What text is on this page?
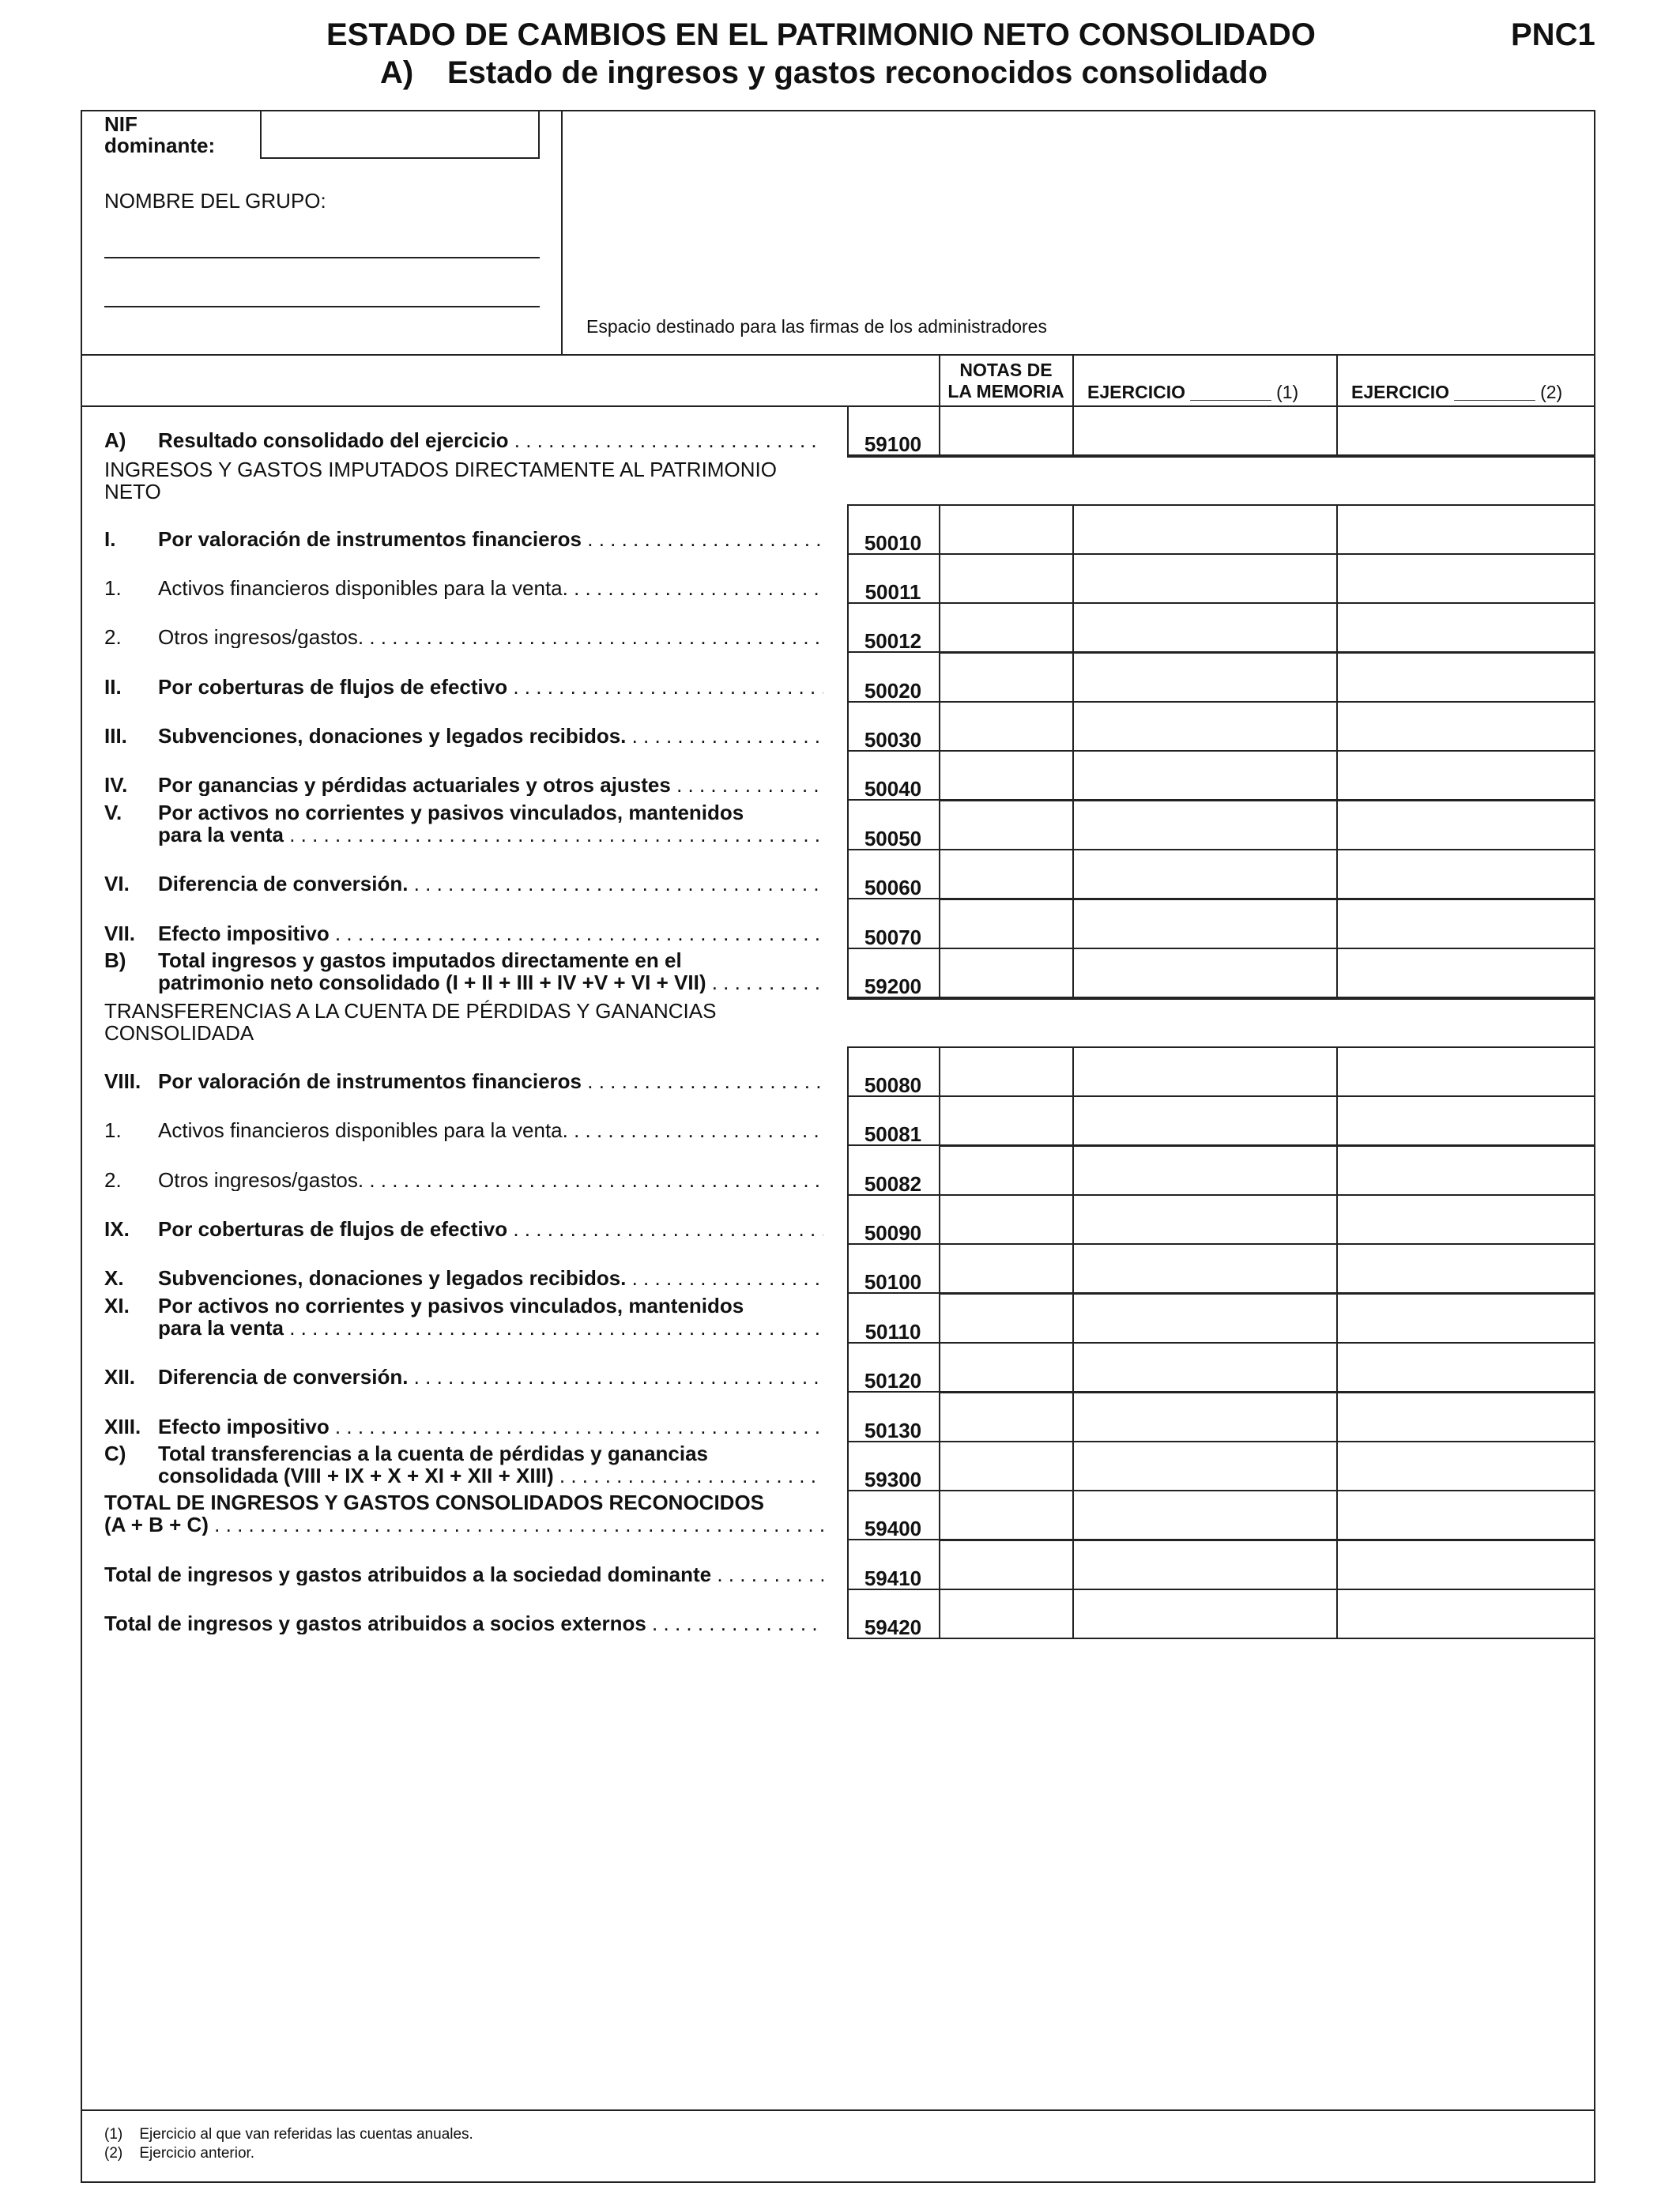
ESTADO DE CAMBIOS EN EL PATRIMONIO NETO CONSOLIDADO	PNC1
A) Estado de ingresos y gastos reconocidos consolidado
NIF
dominante:
NOMBRE DEL GRUPO:
Espacio destinado para las firmas de los administradores
NOTAS DE
LA MEMORIA	EJERCICIO ________ (1)	EJERCICIO ________ (2)
INGRESOS Y GASTOS IMPUTADOS DIRECTAMENTE AL PATRIMONIO
NETO
TRANSFERENCIAS A LA CUENTA DE PÉRDIDAS Y GANANCIAS
CONSOLIDADA
A) Resultado consolidado del ejercicio . . .	59100
I. Por valoración de instrumentos financieros . . .	50010
1. Activos financieros disponibles para la venta. . . .	50011
2. Otros ingresos/gastos. . . .	50012
II. Por coberturas de flujos de efectivo . . .	50020
III. Subvenciones, donaciones y legados recibidos. . . .	50030
IV. Por ganancias y pérdidas actuariales y otros ajustes . . .	50040
V. Por activos no corrientes y pasivos vinculados, mantenidos
para la venta . . .	50050
VI. Diferencia de conversión. . . .	50060
VII. Efecto impositivo . . .	50070
B) Total ingresos y gastos imputados directamente en el
patrimonio neto consolidado (I + II + III + IV +V + VI + VII) . . .	59200
VIII. Por valoración de instrumentos financieros . . .	50080
1. Activos financieros disponibles para la venta. . . .	50081
2. Otros ingresos/gastos. . . .	50082
IX. Por coberturas de flujos de efectivo . . .	50090
X. Subvenciones, donaciones y legados recibidos. . . .	50100
XI. Por activos no corrientes y pasivos vinculados, mantenidos
para la venta . . .	50110
XII. Diferencia de conversión. . . .	50120
XIII. Efecto impositivo . . .	50130
C) Total transferencias a la cuenta de pérdidas y ganancias
consolidada (VIII + IX + X + XI + XII + XIII) . . .	59300
TOTAL DE INGRESOS Y GASTOS CONSOLIDADOS RECONOCIDOS
(A + B + C) . . .	59400
Total de ingresos y gastos atribuidos a la sociedad dominante . . .	59410
Total de ingresos y gastos atribuidos a socios externos . . .	59420
(1) Ejercicio al que van referidas las cuentas anuales.
(2) Ejercicio anterior.
